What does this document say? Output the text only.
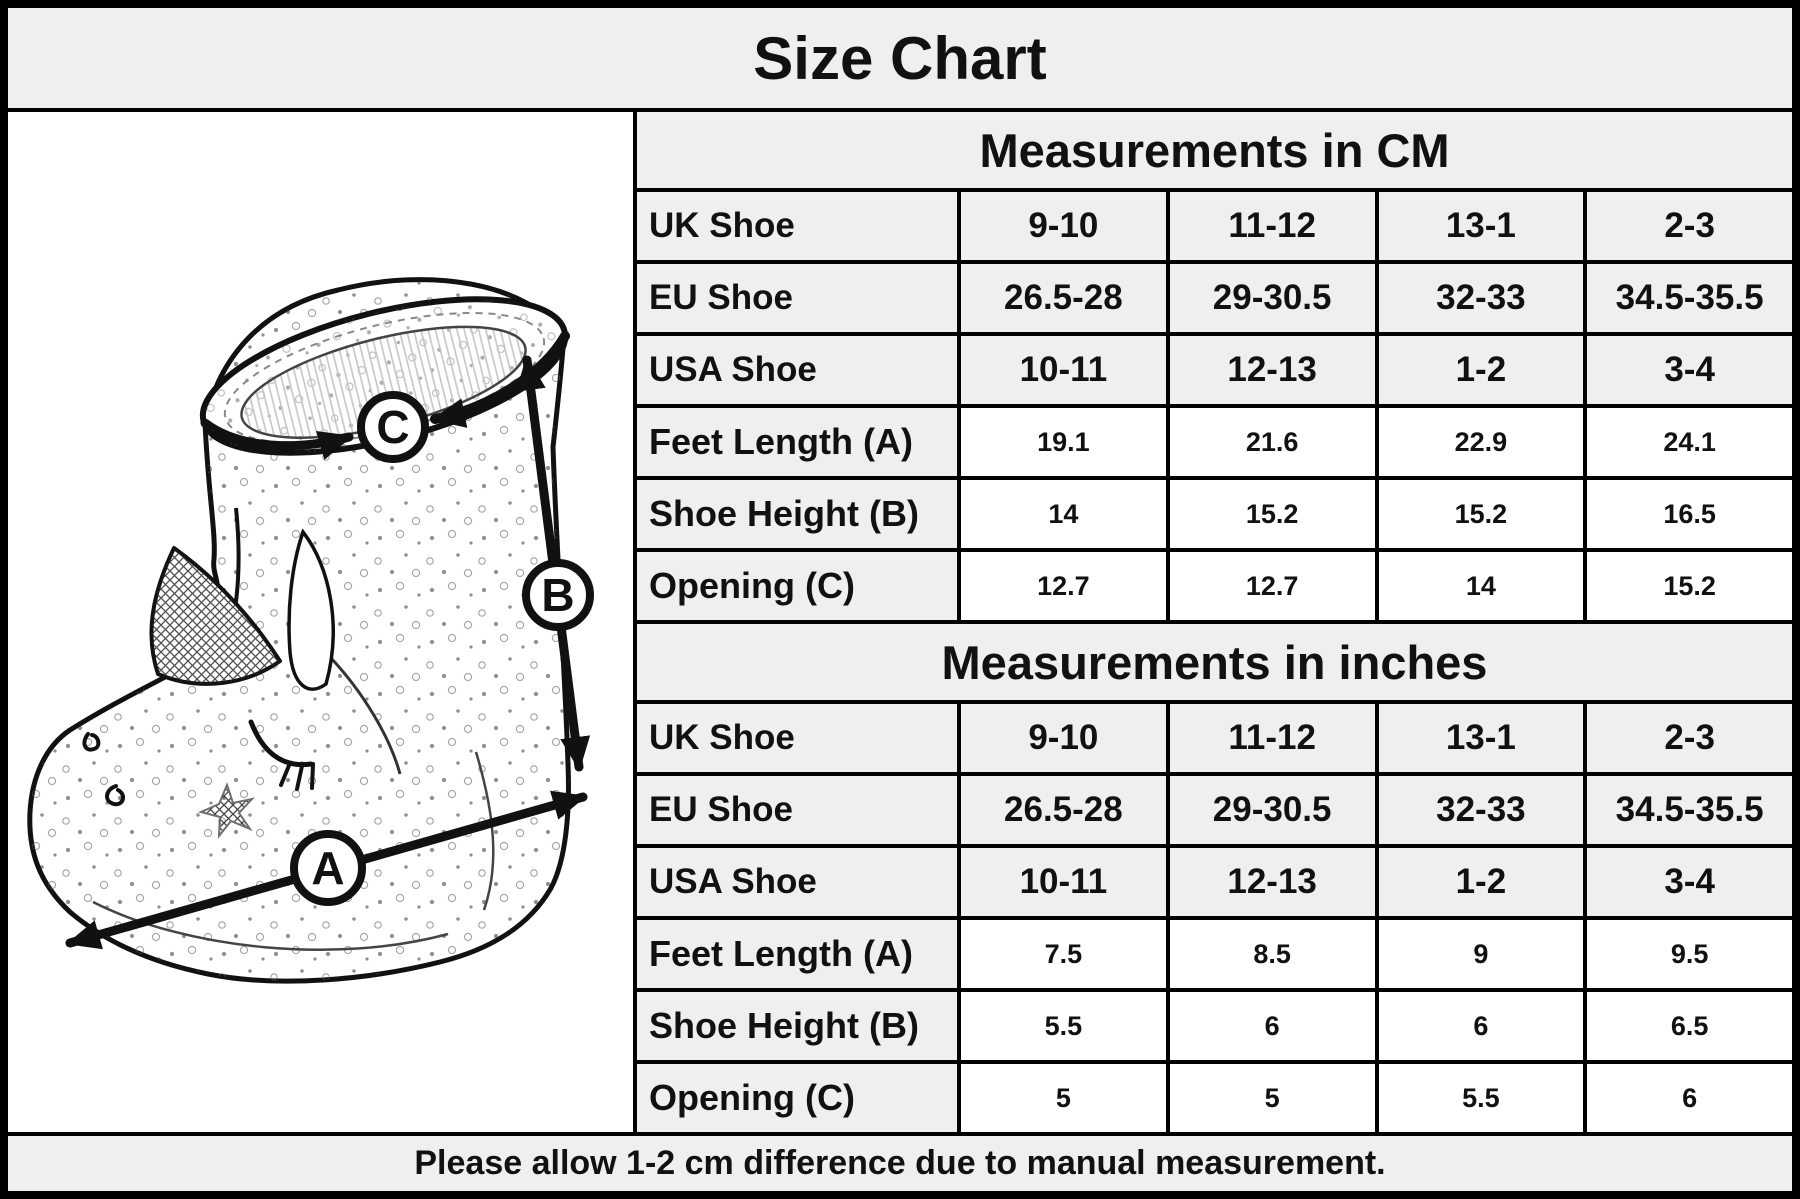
Size Chart
A
B
C
Measurements in CM
UK Shoe	9-10	11-12	13-1	2-3
EU Shoe	26.5-28	29-30.5	32-33	34.5-35.5
USA Shoe	10-11	12-13	1-2	3-4
Feet Length (A)	19.1	21.6	22.9	24.1
Shoe Height (B)	14	15.2	15.2	16.5
Opening (C)	12.7	12.7	14	15.2
Measurements in inches
UK Shoe	9-10	11-12	13-1	2-3
EU Shoe	26.5-28	29-30.5	32-33	34.5-35.5
USA Shoe	10-11	12-13	1-2	3-4
Feet Length (A)	7.5	8.5	9	9.5
Shoe Height (B)	5.5	6	6	6.5
Opening (C)	5	5	5.5	6
Please allow 1-2 cm difference due to manual measurement.
